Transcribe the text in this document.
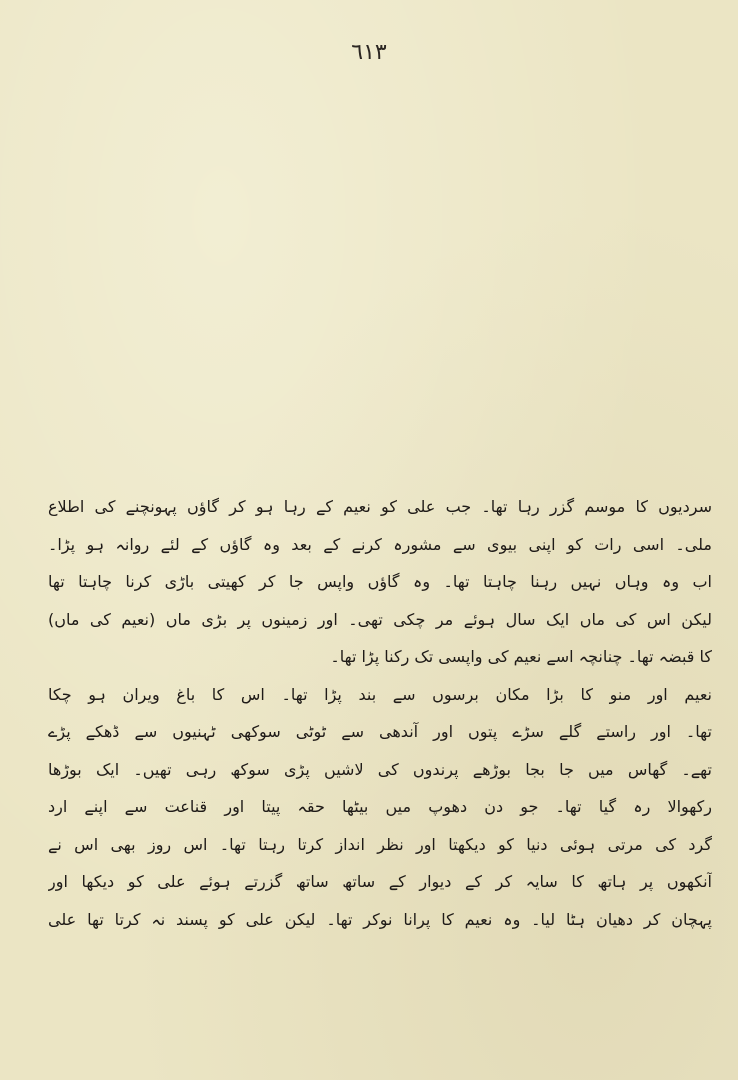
٦١٣
سردیوں کا موسم گزر رہا تھا۔ جب علی کو نعیم کے رہا ہو کر گاؤں پہونچنے کی اطلاع
ملی۔ اسی رات کو اپنی بیوی سے مشورہ کرنے کے بعد وہ گاؤں کے لئے روانہ ہو پڑا۔
اب وہ وہاں نہیں رہنا چاہتا تھا۔ وہ گاؤں واپس جا کر کھیتی باڑی کرنا چاہتا تھا
لیکن اس کی ماں ایک سال ہوئے مر چکی تھی۔ اور زمینوں پر بڑی ماں (نعیم کی ماں)
کا قبضہ تھا۔ چنانچہ اسے نعیم کی واپسی تک رکنا پڑا تھا۔
نعیم اور منو کا بڑا مکان برسوں سے بند پڑا تھا۔ اس کا باغ ویران ہو چکا
تھا۔ اور راستے گلے سڑے پتوں اور آندھی سے ٹوٹی سوکھی ٹہنیوں سے ڈھکے پڑے
تھے۔ گھاس میں جا بجا بوڑھے پرندوں کی لاشیں پڑی سوکھ رہی تھیں۔ ایک بوڑھا
رکھوالا رہ گیا تھا۔ جو دن دھوپ میں بیٹھا حقہ پیتا اور قناعت سے اپنے ارد
گرد کی مرتی ہوئی دنیا کو دیکھتا اور نظر انداز کرتا رہتا تھا۔ اس روز بھی اس نے
آنکھوں پر ہاتھ کا سایہ کر کے دیوار کے ساتھ ساتھ گزرتے ہوئے علی کو دیکھا اور
پہچان کر دھیان ہٹا لیا۔ وہ نعیم کا پرانا نوکر تھا۔ لیکن علی کو پسند نہ کرتا تھا علی
